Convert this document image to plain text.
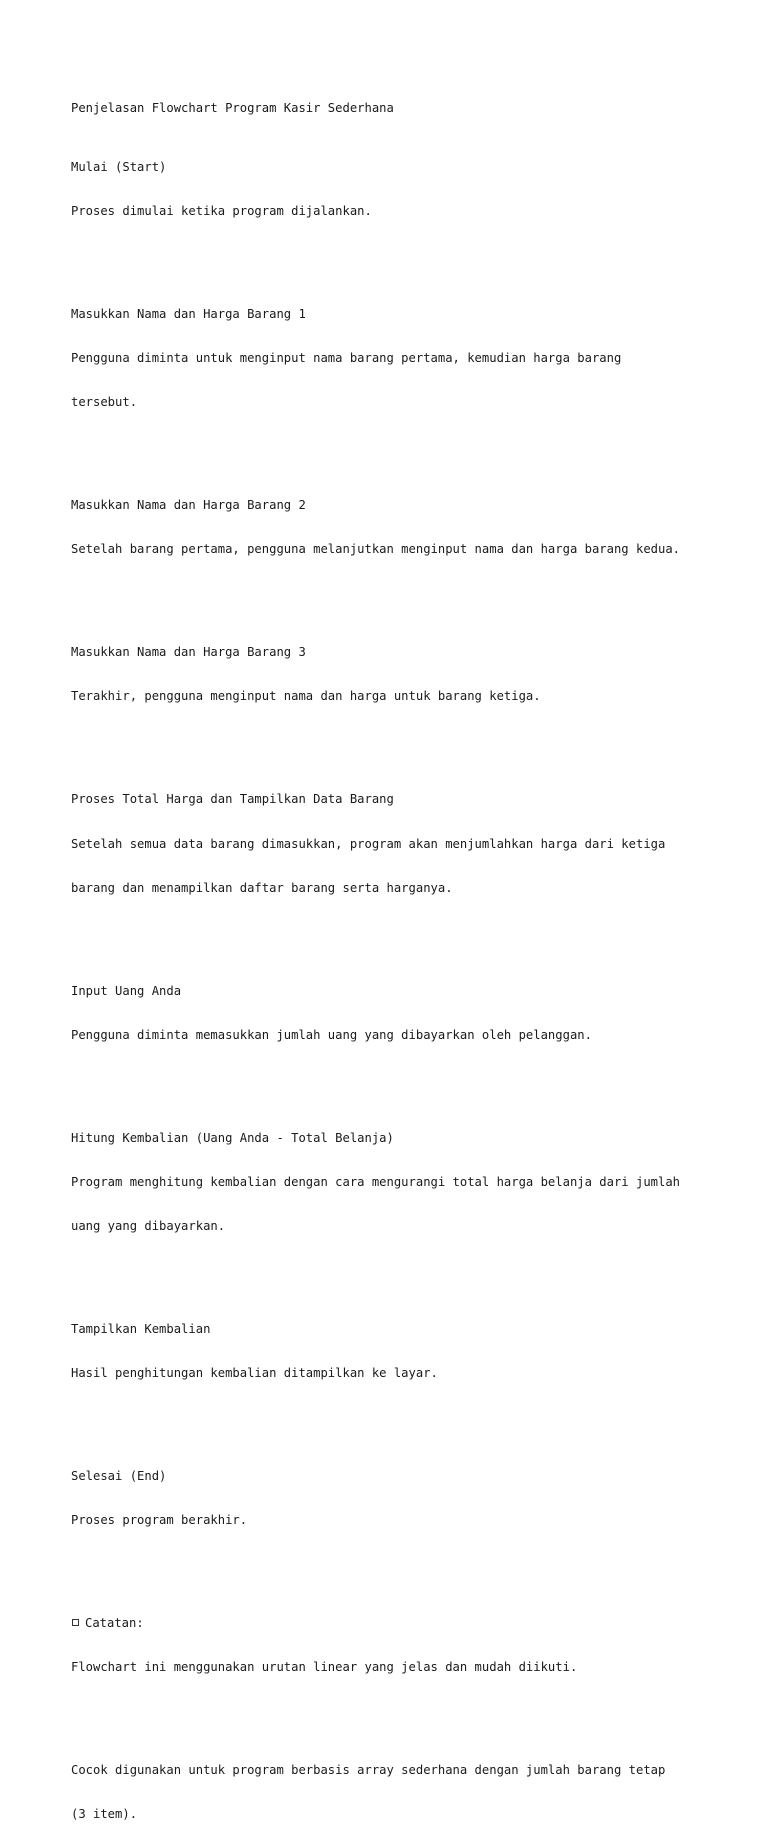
Penjelasan Flowchart Program Kasir Sederhana

Mulai (Start)

Proses dimulai ketika program dijalankan.

Masukkan Nama dan Harga Barang 1

Pengguna diminta untuk menginput nama barang pertama, kemudian harga barang

tersebut.

Masukkan Nama dan Harga Barang 2

Setelah barang pertama, pengguna melanjutkan menginput nama dan harga barang kedua.

Masukkan Nama dan Harga Barang 3

Terakhir, pengguna menginput nama dan harga untuk barang ketiga.

Proses Total Harga dan Tampilkan Data Barang

Setelah semua data barang dimasukkan, program akan menjumlahkan harga dari ketiga

barang dan menampilkan daftar barang serta harganya.

Input Uang Anda

Pengguna diminta memasukkan jumlah uang yang dibayarkan oleh pelanggan.

Hitung Kembalian (Uang Anda - Total Belanja)

Program menghitung kembalian dengan cara mengurangi total harga belanja dari jumlah

uang yang dibayarkan.

Tampilkan Kembalian

Hasil penghitungan kembalian ditampilkan ke layar.

Selesai (End)

Proses program berakhir.

Catatan:

Flowchart ini menggunakan urutan linear yang jelas dan mudah diikuti.

Cocok digunakan untuk program berbasis array sederhana dengan jumlah barang tetap

(3 item).
